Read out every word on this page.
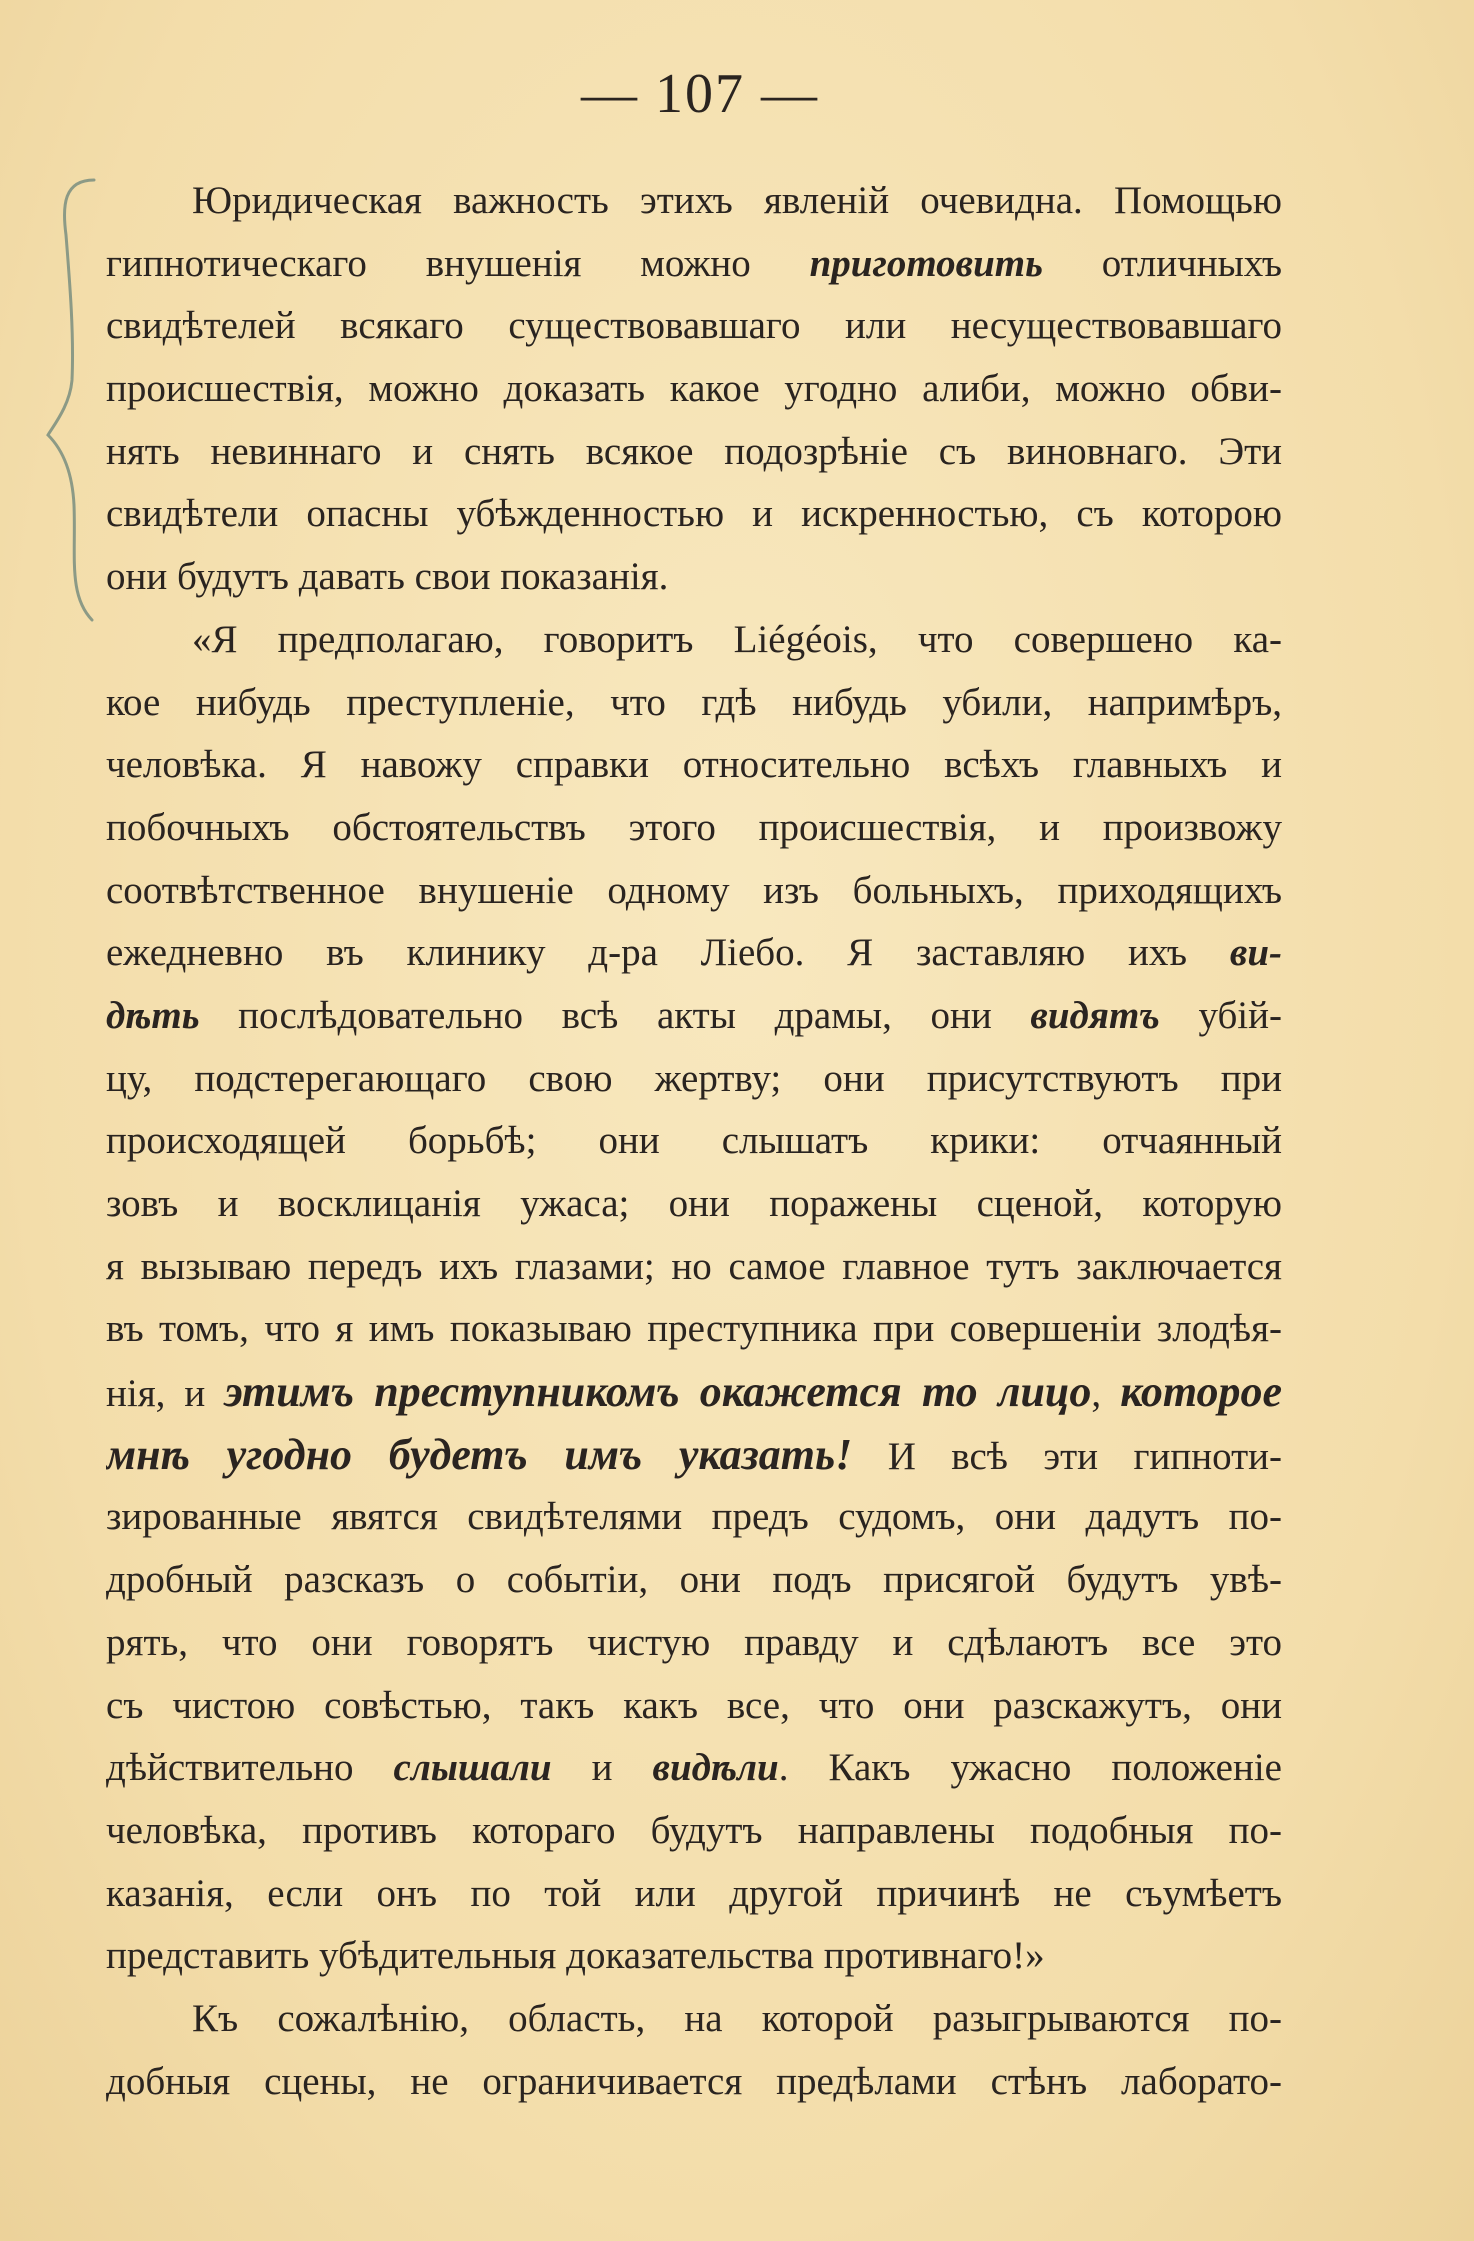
— 107 —
Юридическая важность этихъ явленій очевидна. Помощью
гипнотическаго внушенія можно приготовить отличныхъ
свидѣтелей всякаго существовавшаго или несуществовавшаго
происшествія, можно доказать какое угодно алиби, можно обви-
нять невиннаго и снять всякое подозрѣніе съ виновнаго. Эти
свидѣтели опасны убѣжденностью и искренностью, съ которою
они будутъ давать свои показанія.
«Я предполагаю, говоритъ Liégéois, что совершено ка-
кое нибудь преступленіе, что гдѣ нибудь убили, напримѣръ,
человѣка. Я навожу справки относительно всѣхъ главныхъ и
побочныхъ обстоятельствъ этого происшествія, и произвожу
соотвѣтственное внушеніе одному изъ больныхъ, приходящихъ
ежедневно въ клинику д-ра Ліебо. Я заставляю ихъ ви-
дѣть послѣдовательно всѣ акты драмы, они видятъ убій-
цу, подстерегающаго свою жертву; они присутствуютъ при
происходящей борьбѣ; они слышатъ крики: отчаянный
зовъ и восклицанія ужаса; они поражены сценой, которую
я вызываю передъ ихъ глазами; но самое главное тутъ заключается
въ томъ, что я имъ показываю преступника при совершеніи злодѣя-
нія, и этимъ преступникомъ окажется то лицо, которое
мнѣ угодно будетъ имъ указать! И всѣ эти гипноти-
зированные явятся свидѣтелями предъ судомъ, они дадутъ по-
дробный разсказъ о событіи, они подъ присягой будутъ увѣ-
рять, что они говорятъ чистую правду и сдѣлаютъ все это
съ чистою совѣстью, такъ какъ все, что они разскажутъ, они
дѣйствительно слышали и видѣли. Какъ ужасно положеніе
человѣка, противъ котораго будутъ направлены подобныя по-
казанія, если онъ по той или другой причинѣ не съумѣетъ
представить убѣдительныя доказательства противнаго!»
Къ сожалѣнію, область, на которой разыгрываются по-
добныя сцены, не ограничивается предѣлами стѣнъ лаборато-
